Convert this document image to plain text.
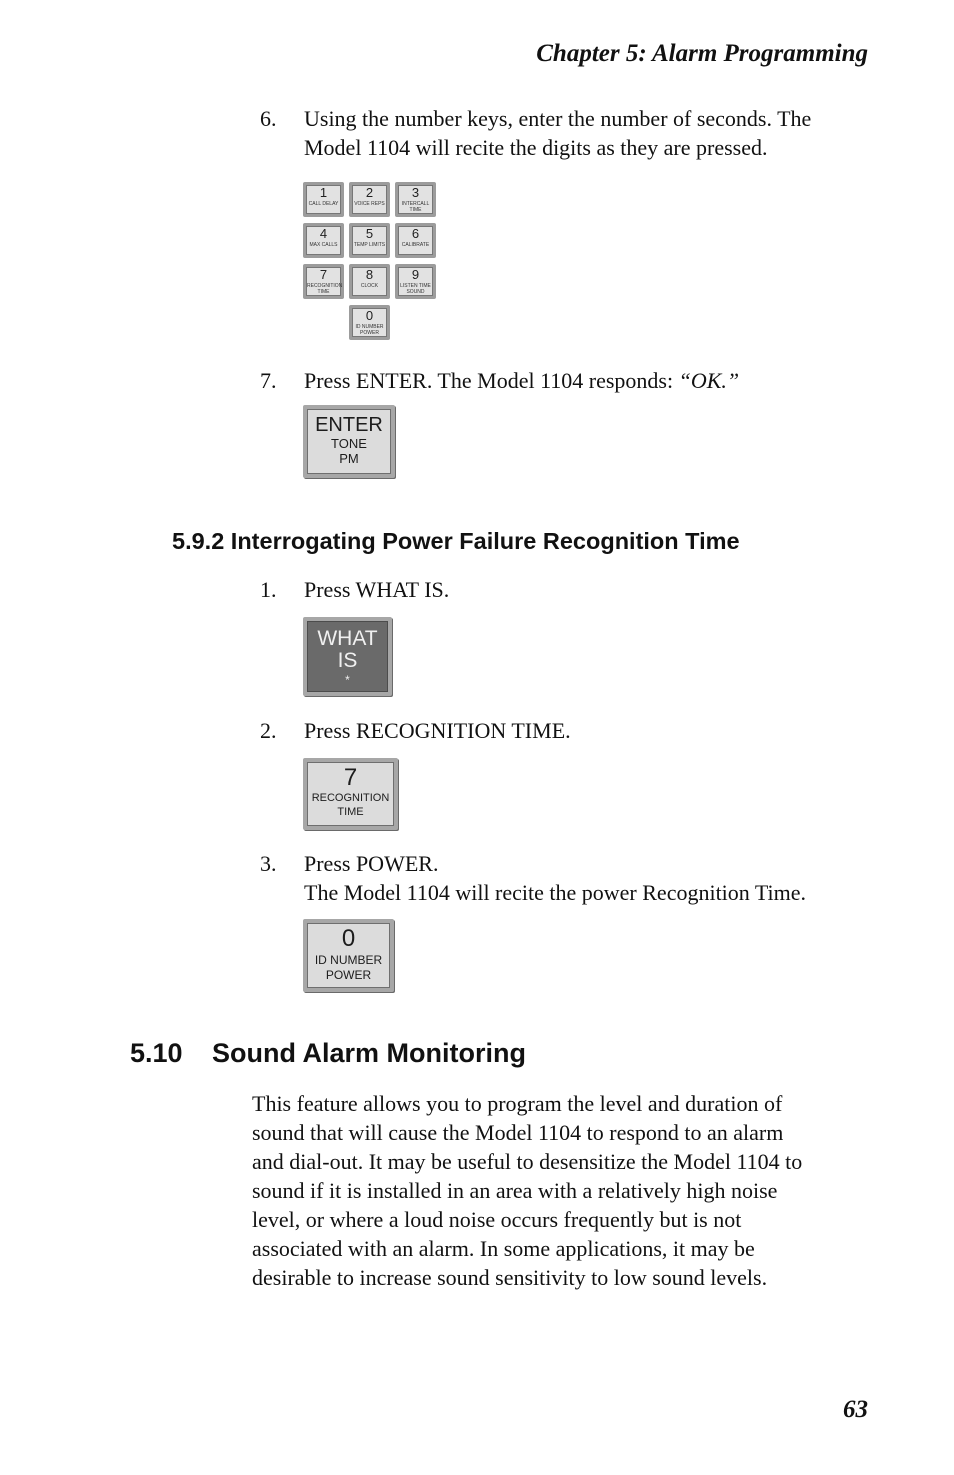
Chapter 5: Alarm Programming
6. Using the number keys, enter the number of seconds. The
Model 1104 will recite the digits as they are pressed.
1
CALL DELAY
2
VOICE REPS
3
INTERCALL TIME
4
MAX CALLS
5
TEMP LIMITS
6
CALIBRATE
7
RECOGNITION TIME
8
CLOCK
9
LISTEN TIME SOUND
0
ID NUMBER POWER
7. Press ENTER. The Model 1104 responds: “OK.”
ENTER
TONE
PM
5.9.2 Interrogating Power Failure Recognition Time
1. Press WHAT IS.
WHAT
IS
*
2. Press RECOGNITION TIME.
7
RECOGNITION
TIME
3. Press POWER.
The Model 1104 will recite the power Recognition Time.
0
ID NUMBER
POWER
5.10 Sound Alarm Monitoring
This feature allows you to program the level and duration of
sound that will cause the Model 1104 to respond to an alarm
and dial-out. It may be useful to desensitize the Model 1104 to
sound if it is installed in an area with a relatively high noise
level, or where a loud noise occurs frequently but is not
associated with an alarm. In some applications, it may be
desirable to increase sound sensitivity to low sound levels.
63
